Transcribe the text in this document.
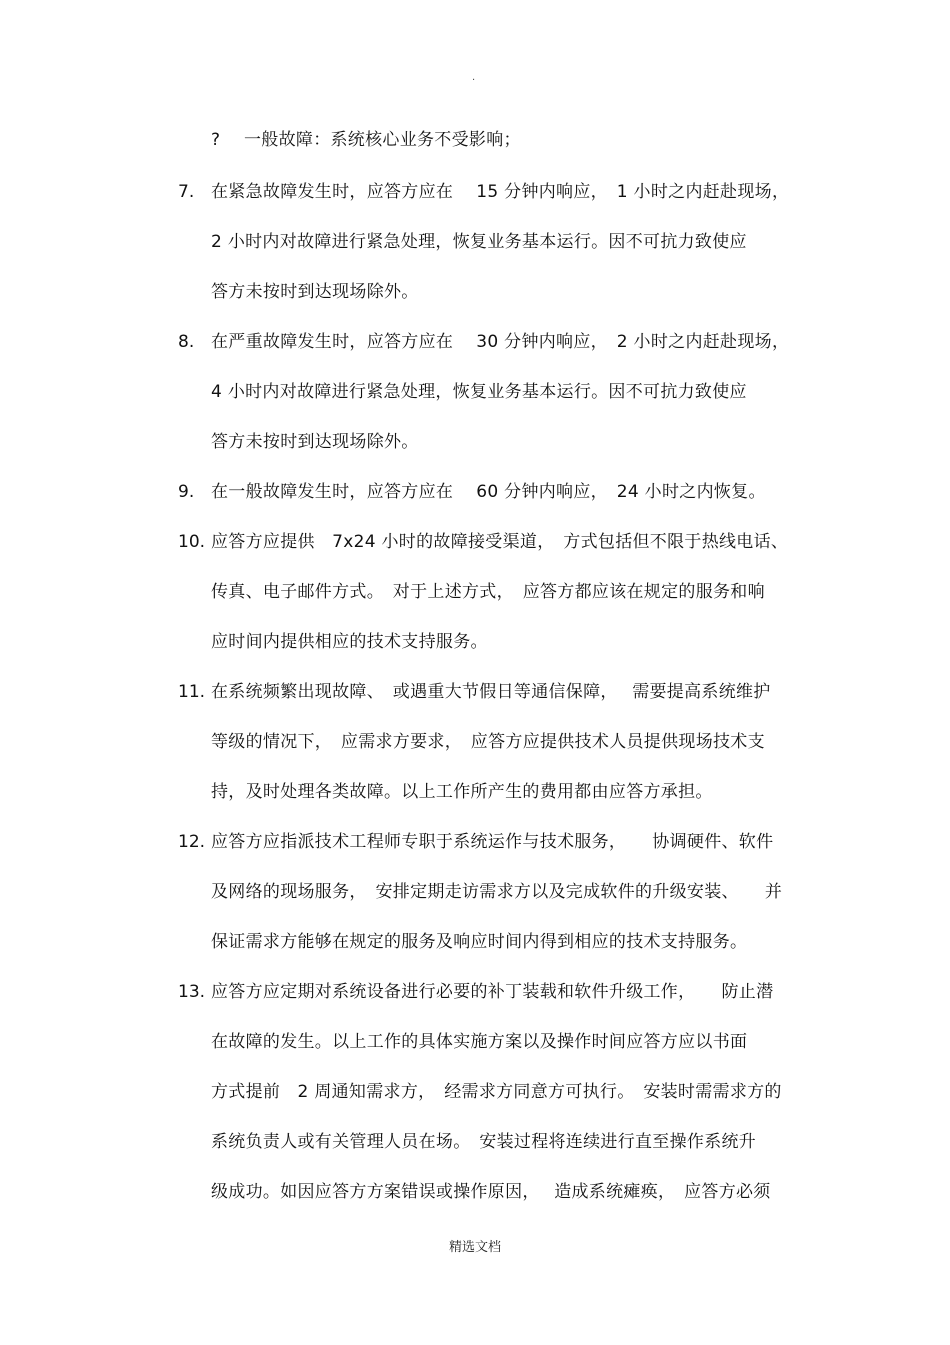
.
? 一般故障：系统核心业务不受影响；
7. 在紧急故障发生时，应答方应在　 15 分钟内响应，　1 小时之内赶赴现场，
2 小时内对故障进行紧急处理，恢复业务基本运行。因不可抗力致使应
答方未按时到达现场除外。
8. 在严重故障发生时，应答方应在　 30 分钟内响应，　2 小时之内赶赴现场，
4 小时内对故障进行紧急处理，恢复业务基本运行。因不可抗力致使应
答方未按时到达现场除外。
9. 在一般故障发生时，应答方应在　 60 分钟内响应，　24 小时之内恢复。
10. 应答方应提供　7x24 小时的故障接受渠道，　方式包括但不限于热线电话、
传真、电子邮件方式。　对于上述方式，　应答方都应该在规定的服务和响
应时间内提供相应的技术支持服务。
11. 在系统频繁出现故障、　或遇重大节假日等通信保障，　 需要提高系统维护
等级的情况下，　应需求方要求，　应答方应提供技术人员提供现场技术支
持，及时处理各类故障。以上工作所产生的费用都由应答方承担。
12. 应答方应指派技术工程师专职于系统运作与技术服务，　　协调硬件、软件
及网络的现场服务，　安排定期走访需求方以及完成软件的升级安装、　　并
保证需求方能够在规定的服务及响应时间内得到相应的技术支持服务。
13. 应答方应定期对系统设备进行必要的补丁装载和软件升级工作，　　防止潜
在故障的发生。以上工作的具体实施方案以及操作时间应答方应以书面
方式提前　2 周通知需求方，　经需求方同意方可执行。　安装时需需求方的
系统负责人或有关管理人员在场。　安装过程将连续进行直至操作系统升
级成功。如因应答方方案错误或操作原因，　 造成系统瘫痪，　应答方必须
精选文档
